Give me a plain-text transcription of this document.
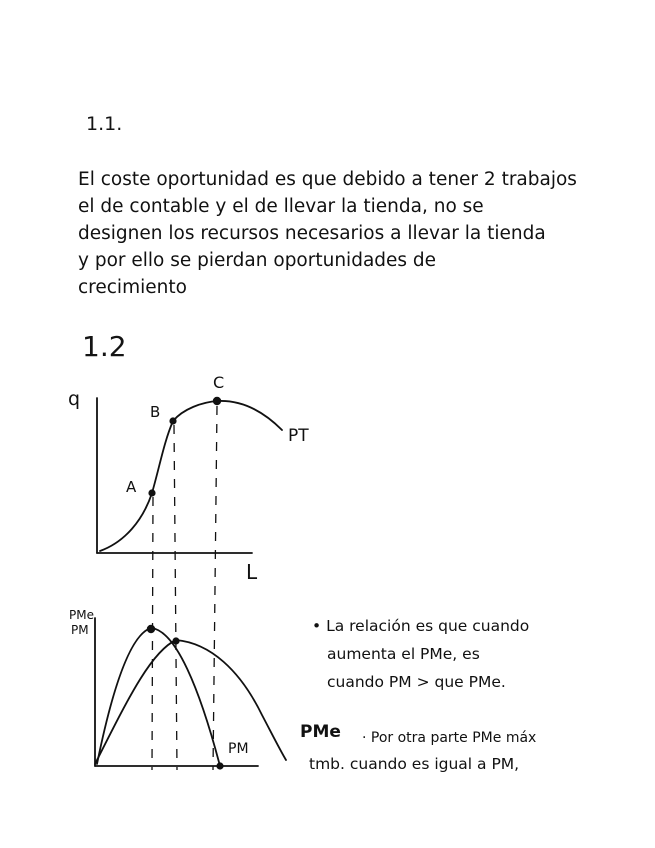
1.1.
El coste oportunidad es que debido a tener 2 trabajos
el de contable y el de llevar la tienda, no se
designen los recursos necesarios a llevar la tienda
y por ello se pierdan oportunidades de
crecimiento
1.2
q
L
PT
A
B
C
PMe
PM
PMe
PM
• La relación es que cuando
aumenta el PMe, es
cuando PM > que PMe.
· Por otra parte PMe máx
tmb. cuando es igual a PM,
